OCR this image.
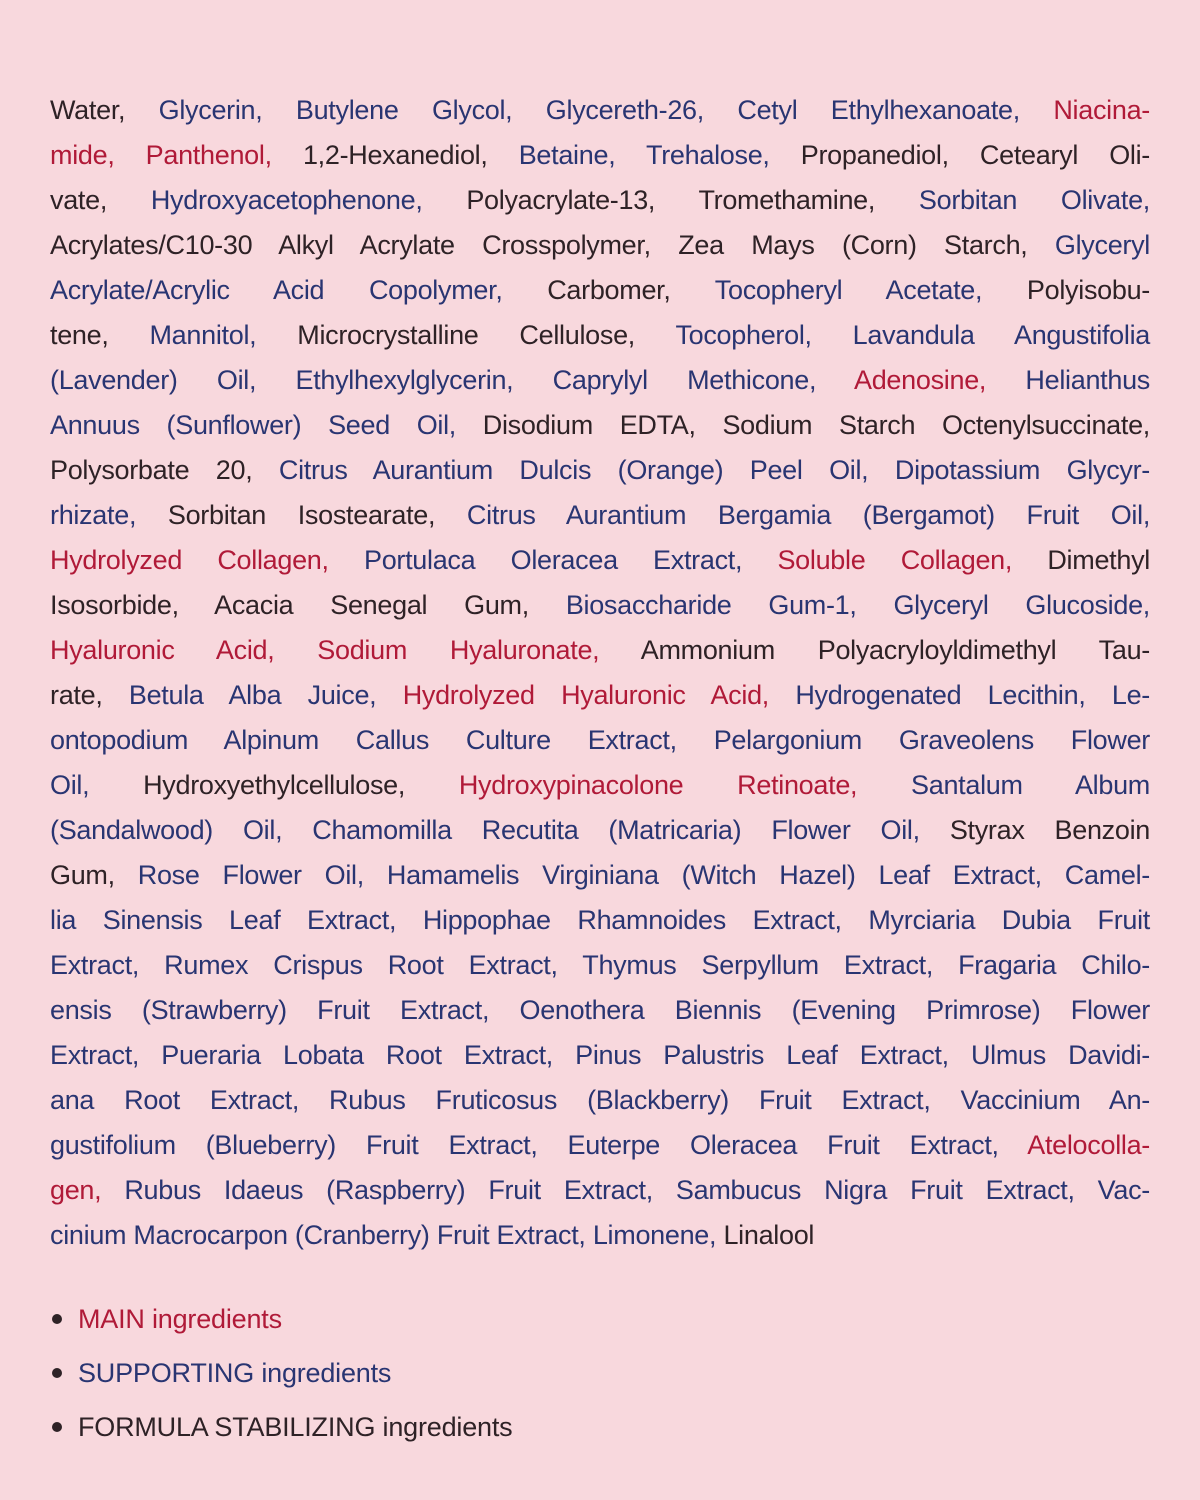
Water, Glycerin, Butylene Glycol, Glycereth-26, Cetyl Ethylhexanoate, Niacina-
mide, Panthenol, 1,2-Hexanediol, Betaine, Trehalose, Propanediol, Cetearyl Oli-
vate, Hydroxyacetophenone, Polyacrylate-13, Tromethamine, Sorbitan Olivate,
Acrylates/C10-30 Alkyl Acrylate Crosspolymer, Zea Mays (Corn) Starch, Glyceryl
Acrylate/Acrylic Acid Copolymer, Carbomer, Tocopheryl Acetate, Polyisobu-
tene, Mannitol, Microcrystalline Cellulose, Tocopherol, Lavandula Angustifolia
(Lavender) Oil, Ethylhexylglycerin, Caprylyl Methicone, Adenosine, Helianthus
Annuus (Sunflower) Seed Oil, Disodium EDTA, Sodium Starch Octenylsuccinate,
Polysorbate 20, Citrus Aurantium Dulcis (Orange) Peel Oil, Dipotassium Glycyr-
rhizate, Sorbitan Isostearate, Citrus Aurantium Bergamia (Bergamot) Fruit Oil,
Hydrolyzed Collagen, Portulaca Oleracea Extract, Soluble Collagen, Dimethyl
Isosorbide, Acacia Senegal Gum, Biosaccharide Gum-1, Glyceryl Glucoside,
Hyaluronic Acid, Sodium Hyaluronate, Ammonium Polyacryloyldimethyl Tau-
rate, Betula Alba Juice, Hydrolyzed Hyaluronic Acid, Hydrogenated Lecithin, Le-
ontopodium Alpinum Callus Culture Extract, Pelargonium Graveolens Flower
Oil, Hydroxyethylcellulose, Hydroxypinacolone Retinoate, Santalum Album
(Sandalwood) Oil, Chamomilla Recutita (Matricaria) Flower Oil, Styrax Benzoin
Gum, Rose Flower Oil, Hamamelis Virginiana (Witch Hazel) Leaf Extract, Camel-
lia Sinensis Leaf Extract, Hippophae Rhamnoides Extract, Myrciaria Dubia Fruit
Extract, Rumex Crispus Root Extract, Thymus Serpyllum Extract, Fragaria Chilo-
ensis (Strawberry) Fruit Extract, Oenothera Biennis (Evening Primrose) Flower
Extract, Pueraria Lobata Root Extract, Pinus Palustris Leaf Extract, Ulmus Davidi-
ana Root Extract, Rubus Fruticosus (Blackberry) Fruit Extract, Vaccinium An-
gustifolium (Blueberry) Fruit Extract, Euterpe Oleracea Fruit Extract, Atelocolla-
gen, Rubus Idaeus (Raspberry) Fruit Extract, Sambucus Nigra Fruit Extract, Vac-
cinium Macrocarpon (Cranberry) Fruit Extract, Limonene, Linalool
MAIN ingredients
SUPPORTING ingredients
FORMULA STABILIZING ingredients
